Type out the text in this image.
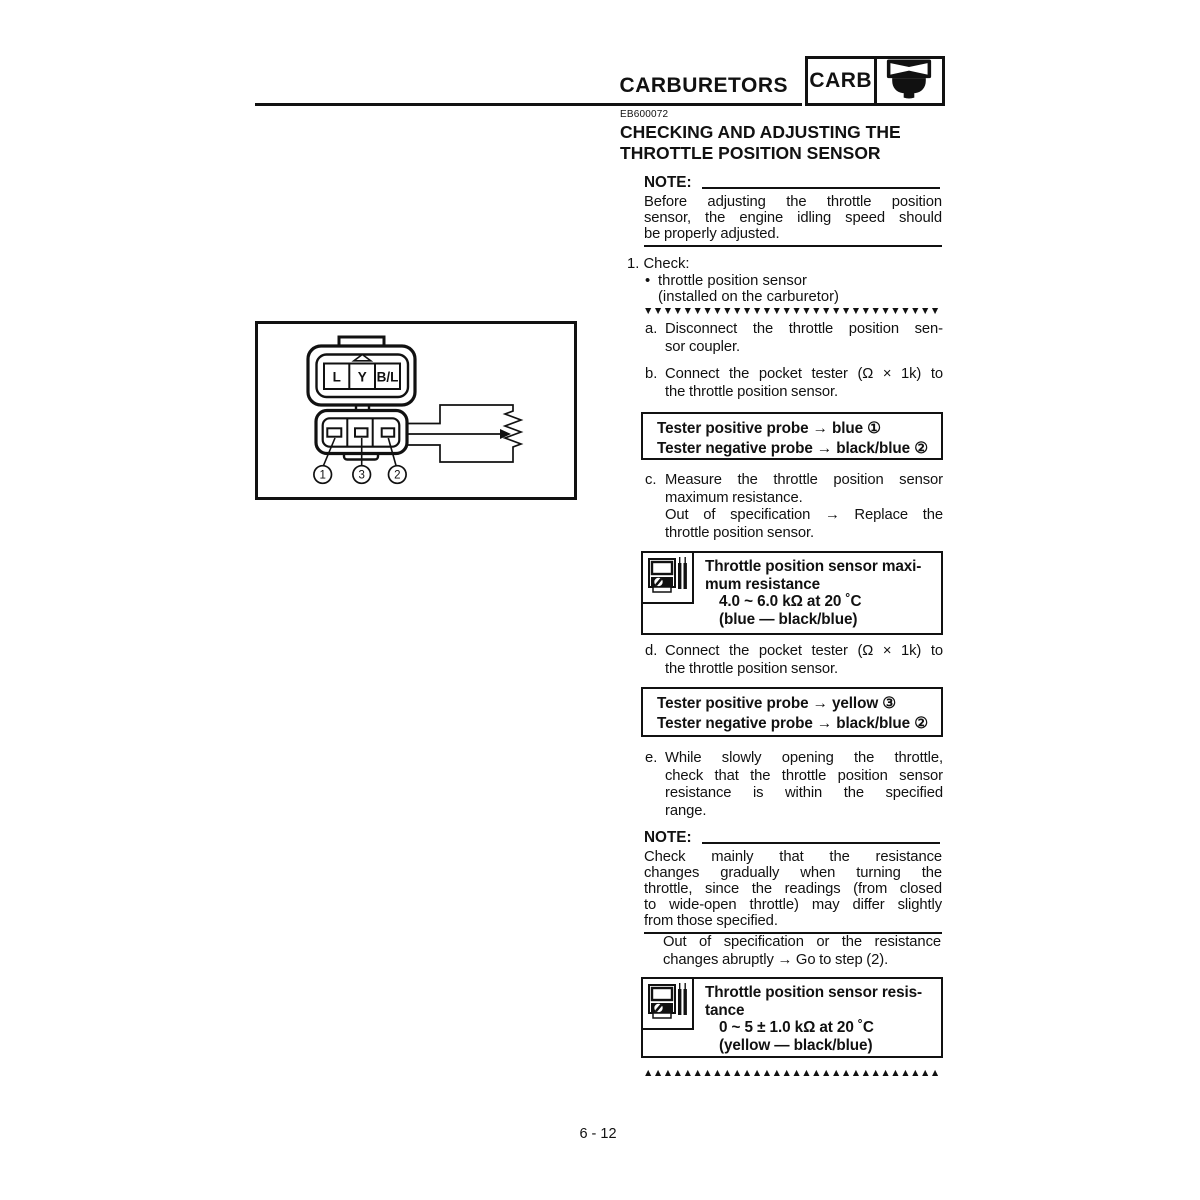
CARBURETORS CARB
L Y B/L
1	3	2
EB600072
CHECKING AND ADJUSTING THE
THROTTLE POSITION SENSOR
NOTE:
Before adjusting the throttle position
sensor, the engine idling speed should
be properly adjusted.
1. Check:
• throttle position sensor
(installed on the carburetor)
▼▼▼▼▼▼▼▼▼▼▼▼▼▼▼▼▼▼▼▼▼▼▼▼▼▼▼▼▼▼
a. Disconnect the throttle position sen-
sor coupler.
b. Connect the pocket tester (Ω × 1k) to
the throttle position sensor.
Tester positive probe → blue ①
Tester negative probe → black/blue ②
c. Measure the throttle position sensor
maximum resistance.
Out of specification → Replace the
throttle position sensor.
Throttle position sensor maxi-
mum resistance
4.0 ~ 6.0 kΩ at 20 ˚C
(blue — black/blue)
d. Connect the pocket tester (Ω × 1k) to
the throttle position sensor.
Tester positive probe → yellow ③
Tester negative probe → black/blue ②
e. While slowly opening the throttle,
check that the throttle position sensor
resistance is within the specified
range.
NOTE:
Check mainly that the resistance
changes gradually when turning the
throttle, since the readings (from closed
to wide-open throttle) may differ slightly
from those specified.
Out of specification or the resistance
changes abruptly → Go to step (2).
Throttle position sensor resis-
tance
0 ~ 5 ± 1.0 kΩ at 20 ˚C
(yellow — black/blue)
▲▲▲▲▲▲▲▲▲▲▲▲▲▲▲▲▲▲▲▲▲▲▲▲▲▲▲▲▲▲
6 - 12
